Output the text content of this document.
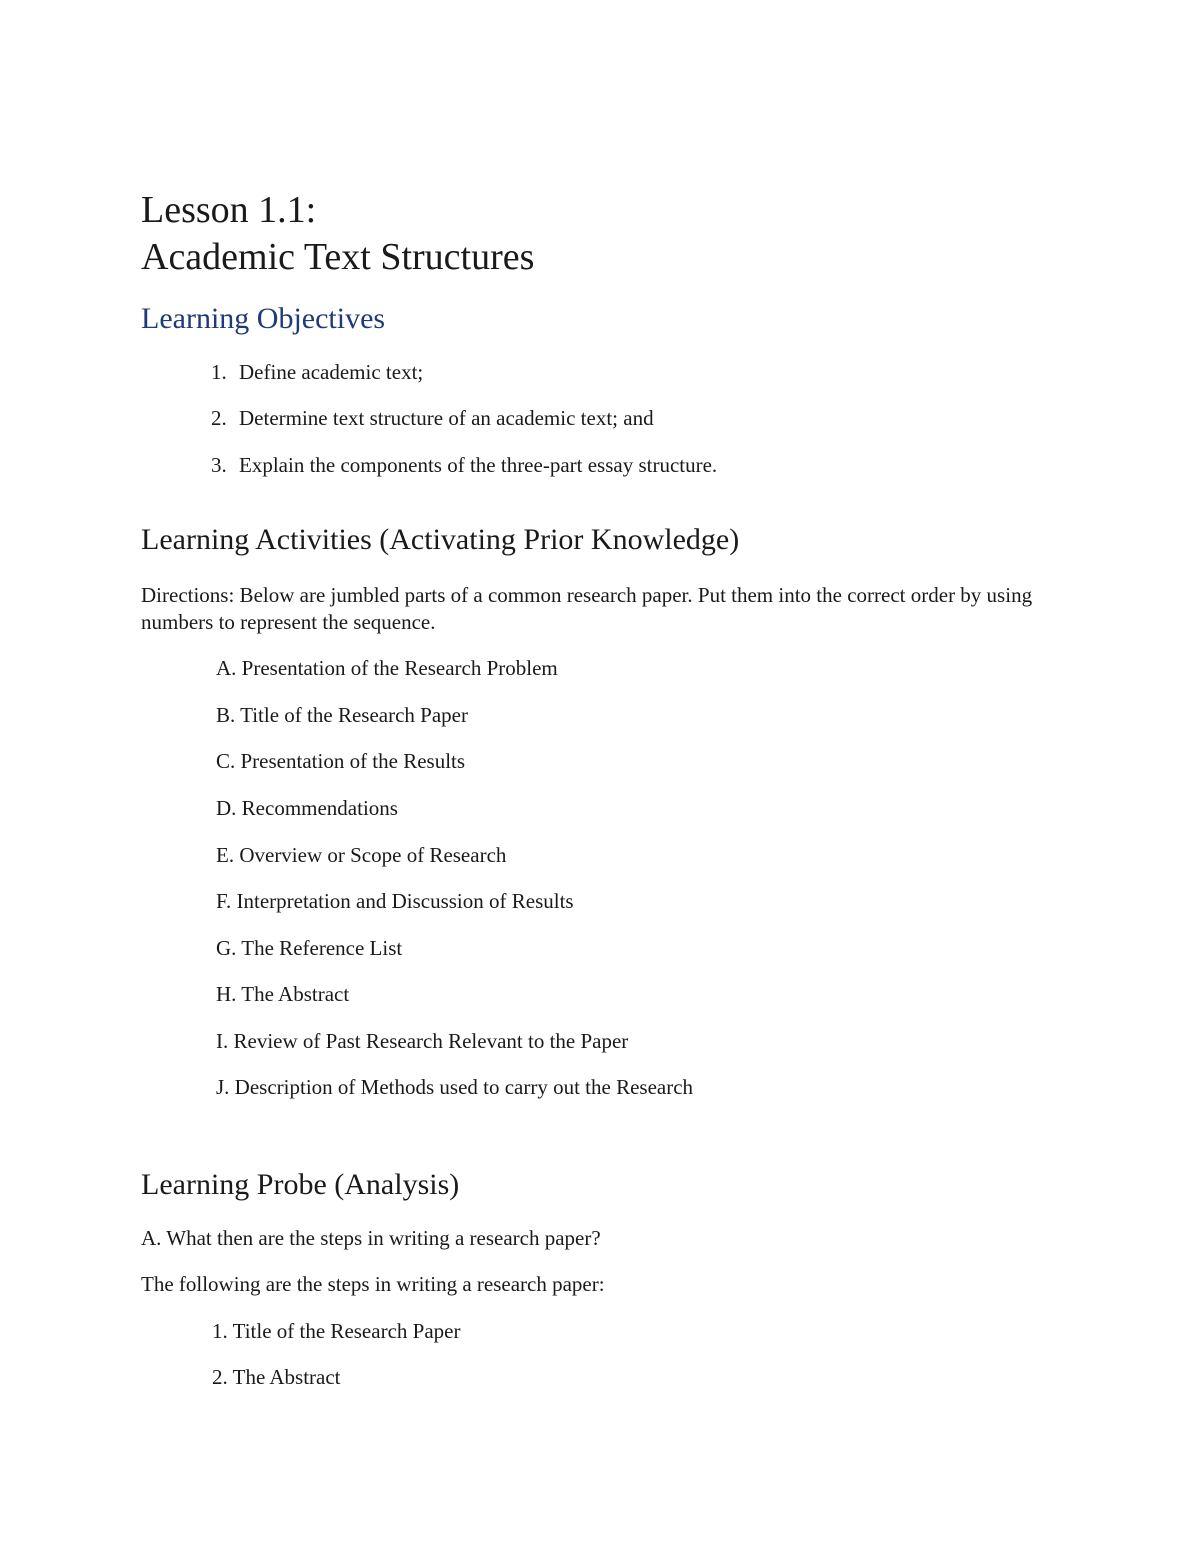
Lesson 1.1:
Academic Text Structures
Learning Objectives
1. Define academic text;
2. Determine text structure of an academic text; and
3. Explain the components of the three-part essay structure.
Learning Activities (Activating Prior Knowledge)
Directions: Below are jumbled parts of a common research paper. Put them into the correct order by using numbers to represent the sequence.
A. Presentation of the Research Problem
B. Title of the Research Paper
C. Presentation of the Results
D. Recommendations
E. Overview or Scope of Research
F. Interpretation and Discussion of Results
G. The Reference List
H. The Abstract
I. Review of Past Research Relevant to the Paper
J. Description of Methods used to carry out the Research
Learning Probe (Analysis)
A. What then are the steps in writing a research paper?
The following are the steps in writing a research paper:
1. Title of the Research Paper
2. The Abstract
